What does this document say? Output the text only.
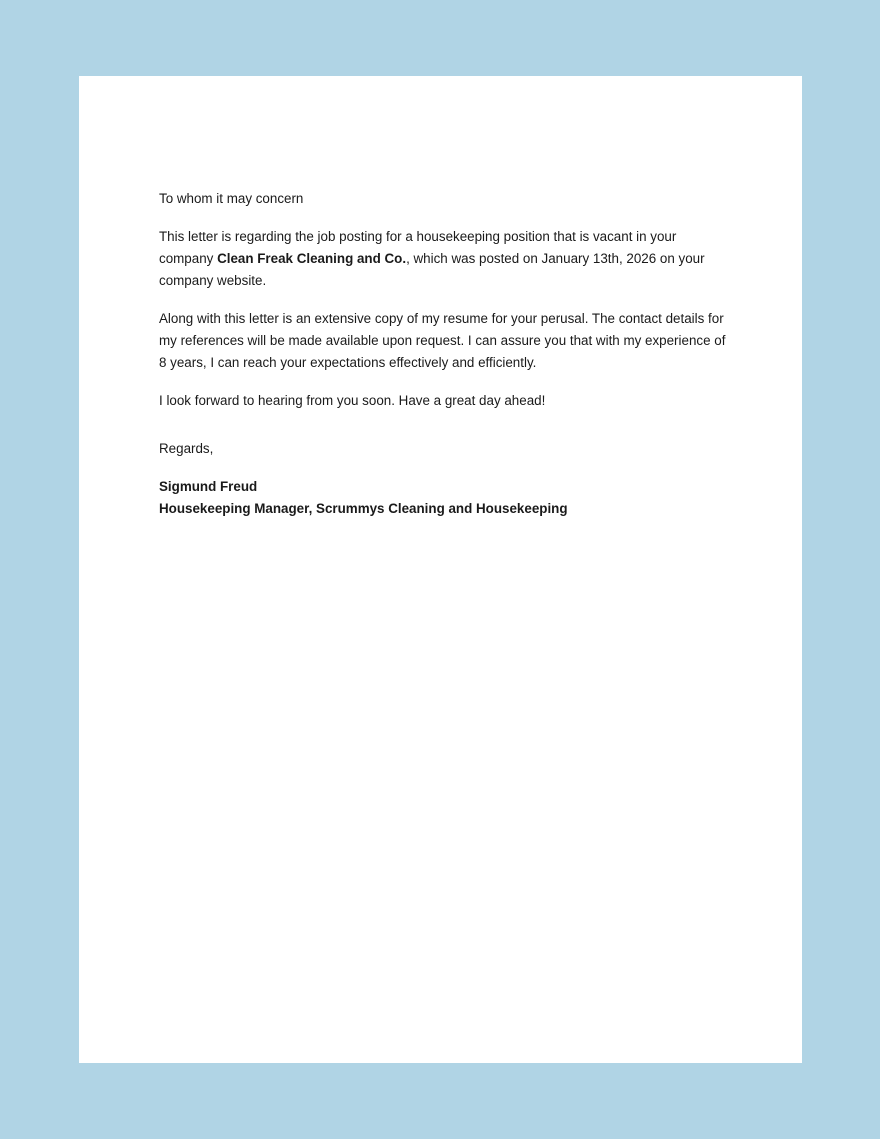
To whom it may concern

This letter is regarding the job posting for a housekeeping position that is vacant in your company Clean Freak Cleaning and Co., which was posted on January 13th, 2026 on your company website.

Along with this letter is an extensive copy of my resume for your perusal. The contact details for my references will be made available upon request. I can assure you that with my experience of 8 years, I can reach your expectations effectively and efficiently.

I look forward to hearing from you soon. Have a great day ahead!

Regards,

Sigmund Freud

Housekeeping Manager, Scrummys Cleaning and Housekeeping
